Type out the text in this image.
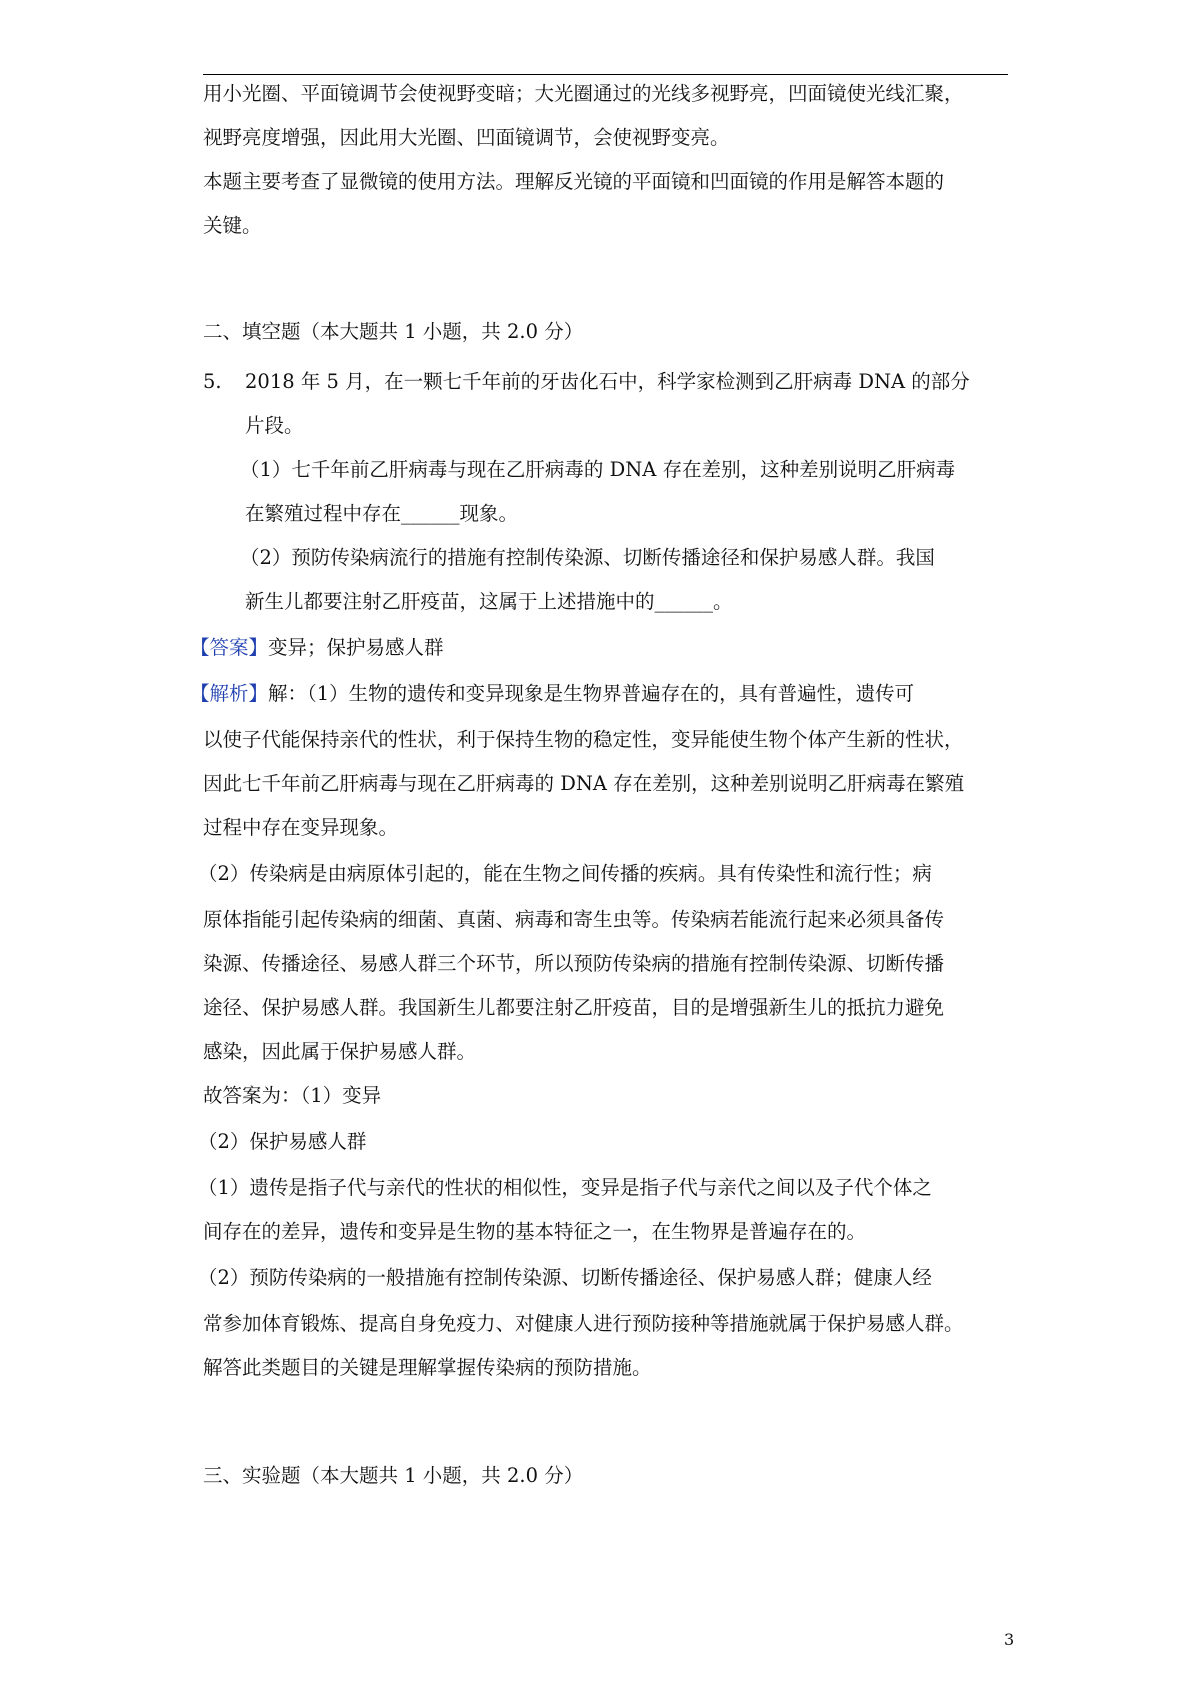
用小光圈、平面镜调节会使视野变暗；大光圈通过的光线多视野亮，凹面镜使光线汇聚，
视野亮度增强，因此用大光圈、凹面镜调节，会使视野变亮。
本题主要考查了显微镜的使用方法。理解反光镜的平面镜和凹面镜的作用是解答本题的
关键。
二、填空题（本大题共 1 小题，共 2.0 分）
5. 2018 年 5 月，在一颗七千年前的牙齿化石中，科学家检测到乙肝病毒 DNA 的部分
片段。
（1）七千年前乙肝病毒与现在乙肝病毒的 DNA 存在差别，这种差别说明乙肝病毒
在繁殖过程中存在______现象。
（2）预防传染病流行的措施有控制传染源、切断传播途径和保护易感人群。我国
新生儿都要注射乙肝疫苗，这属于上述措施中的______。
【答案】变异；保护易感人群
【解析】解：（1）生物的遗传和变异现象是生物界普遍存在的，具有普遍性，遗传可
以使子代能保持亲代的性状，利于保持生物的稳定性，变异能使生物个体产生新的性状，
因此七千年前乙肝病毒与现在乙肝病毒的 DNA 存在差别，这种差别说明乙肝病毒在繁殖
过程中存在变异现象。
（2）传染病是由病原体引起的，能在生物之间传播的疾病。具有传染性和流行性；病
原体指能引起传染病的细菌、真菌、病毒和寄生虫等。传染病若能流行起来必须具备传
染源、传播途径、易感人群三个环节，所以预防传染病的措施有控制传染源、切断传播
途径、保护易感人群。我国新生儿都要注射乙肝疫苗，目的是增强新生儿的抵抗力避免
感染，因此属于保护易感人群。
故答案为：（1）变异
（2）保护易感人群
（1）遗传是指子代与亲代的性状的相似性，变异是指子代与亲代之间以及子代个体之
间存在的差异，遗传和变异是生物的基本特征之一，在生物界是普遍存在的。
（2）预防传染病的一般措施有控制传染源、切断传播途径、保护易感人群；健康人经
常参加体育锻炼、提高自身免疫力、对健康人进行预防接种等措施就属于保护易感人群。
解答此类题目的关键是理解掌握传染病的预防措施。
三、实验题（本大题共 1 小题，共 2.0 分）
3
